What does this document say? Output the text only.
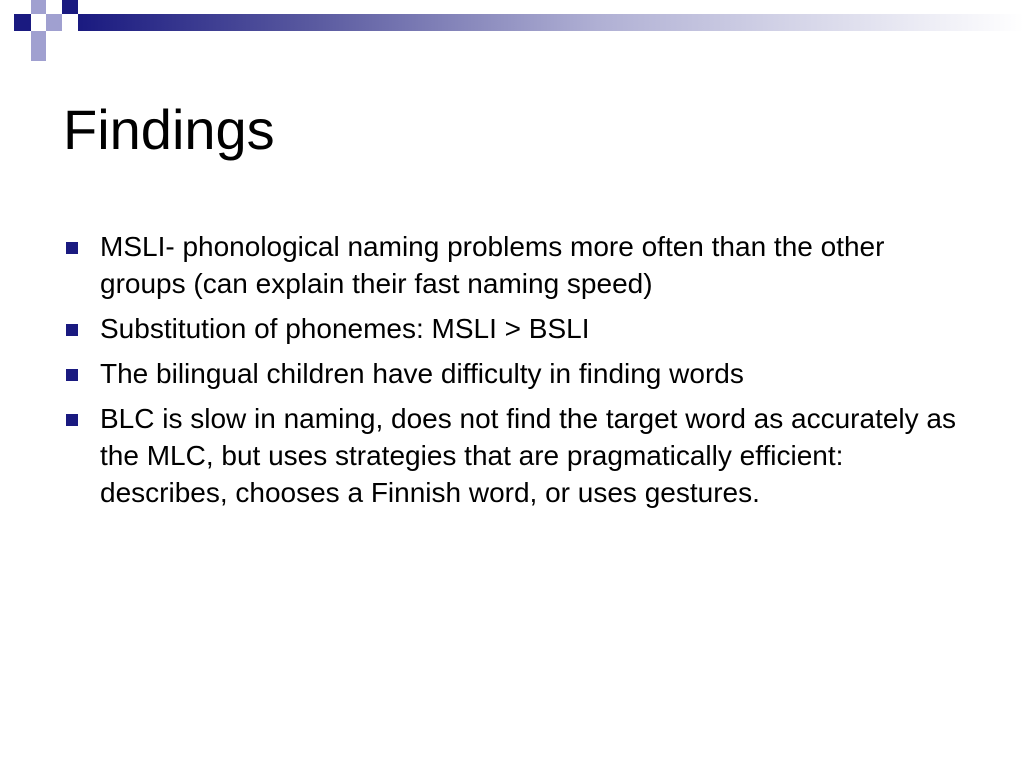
Findings
MSLI- phonological naming problems more often than the other groups (can explain their fast naming speed)
Substitution of phonemes: MSLI > BSLI
The bilingual children have difficulty in finding words
BLC is slow in naming, does not find the target word as accurately as the MLC, but uses strategies that are pragmatically efficient: describes, chooses a Finnish word, or uses gestures.
